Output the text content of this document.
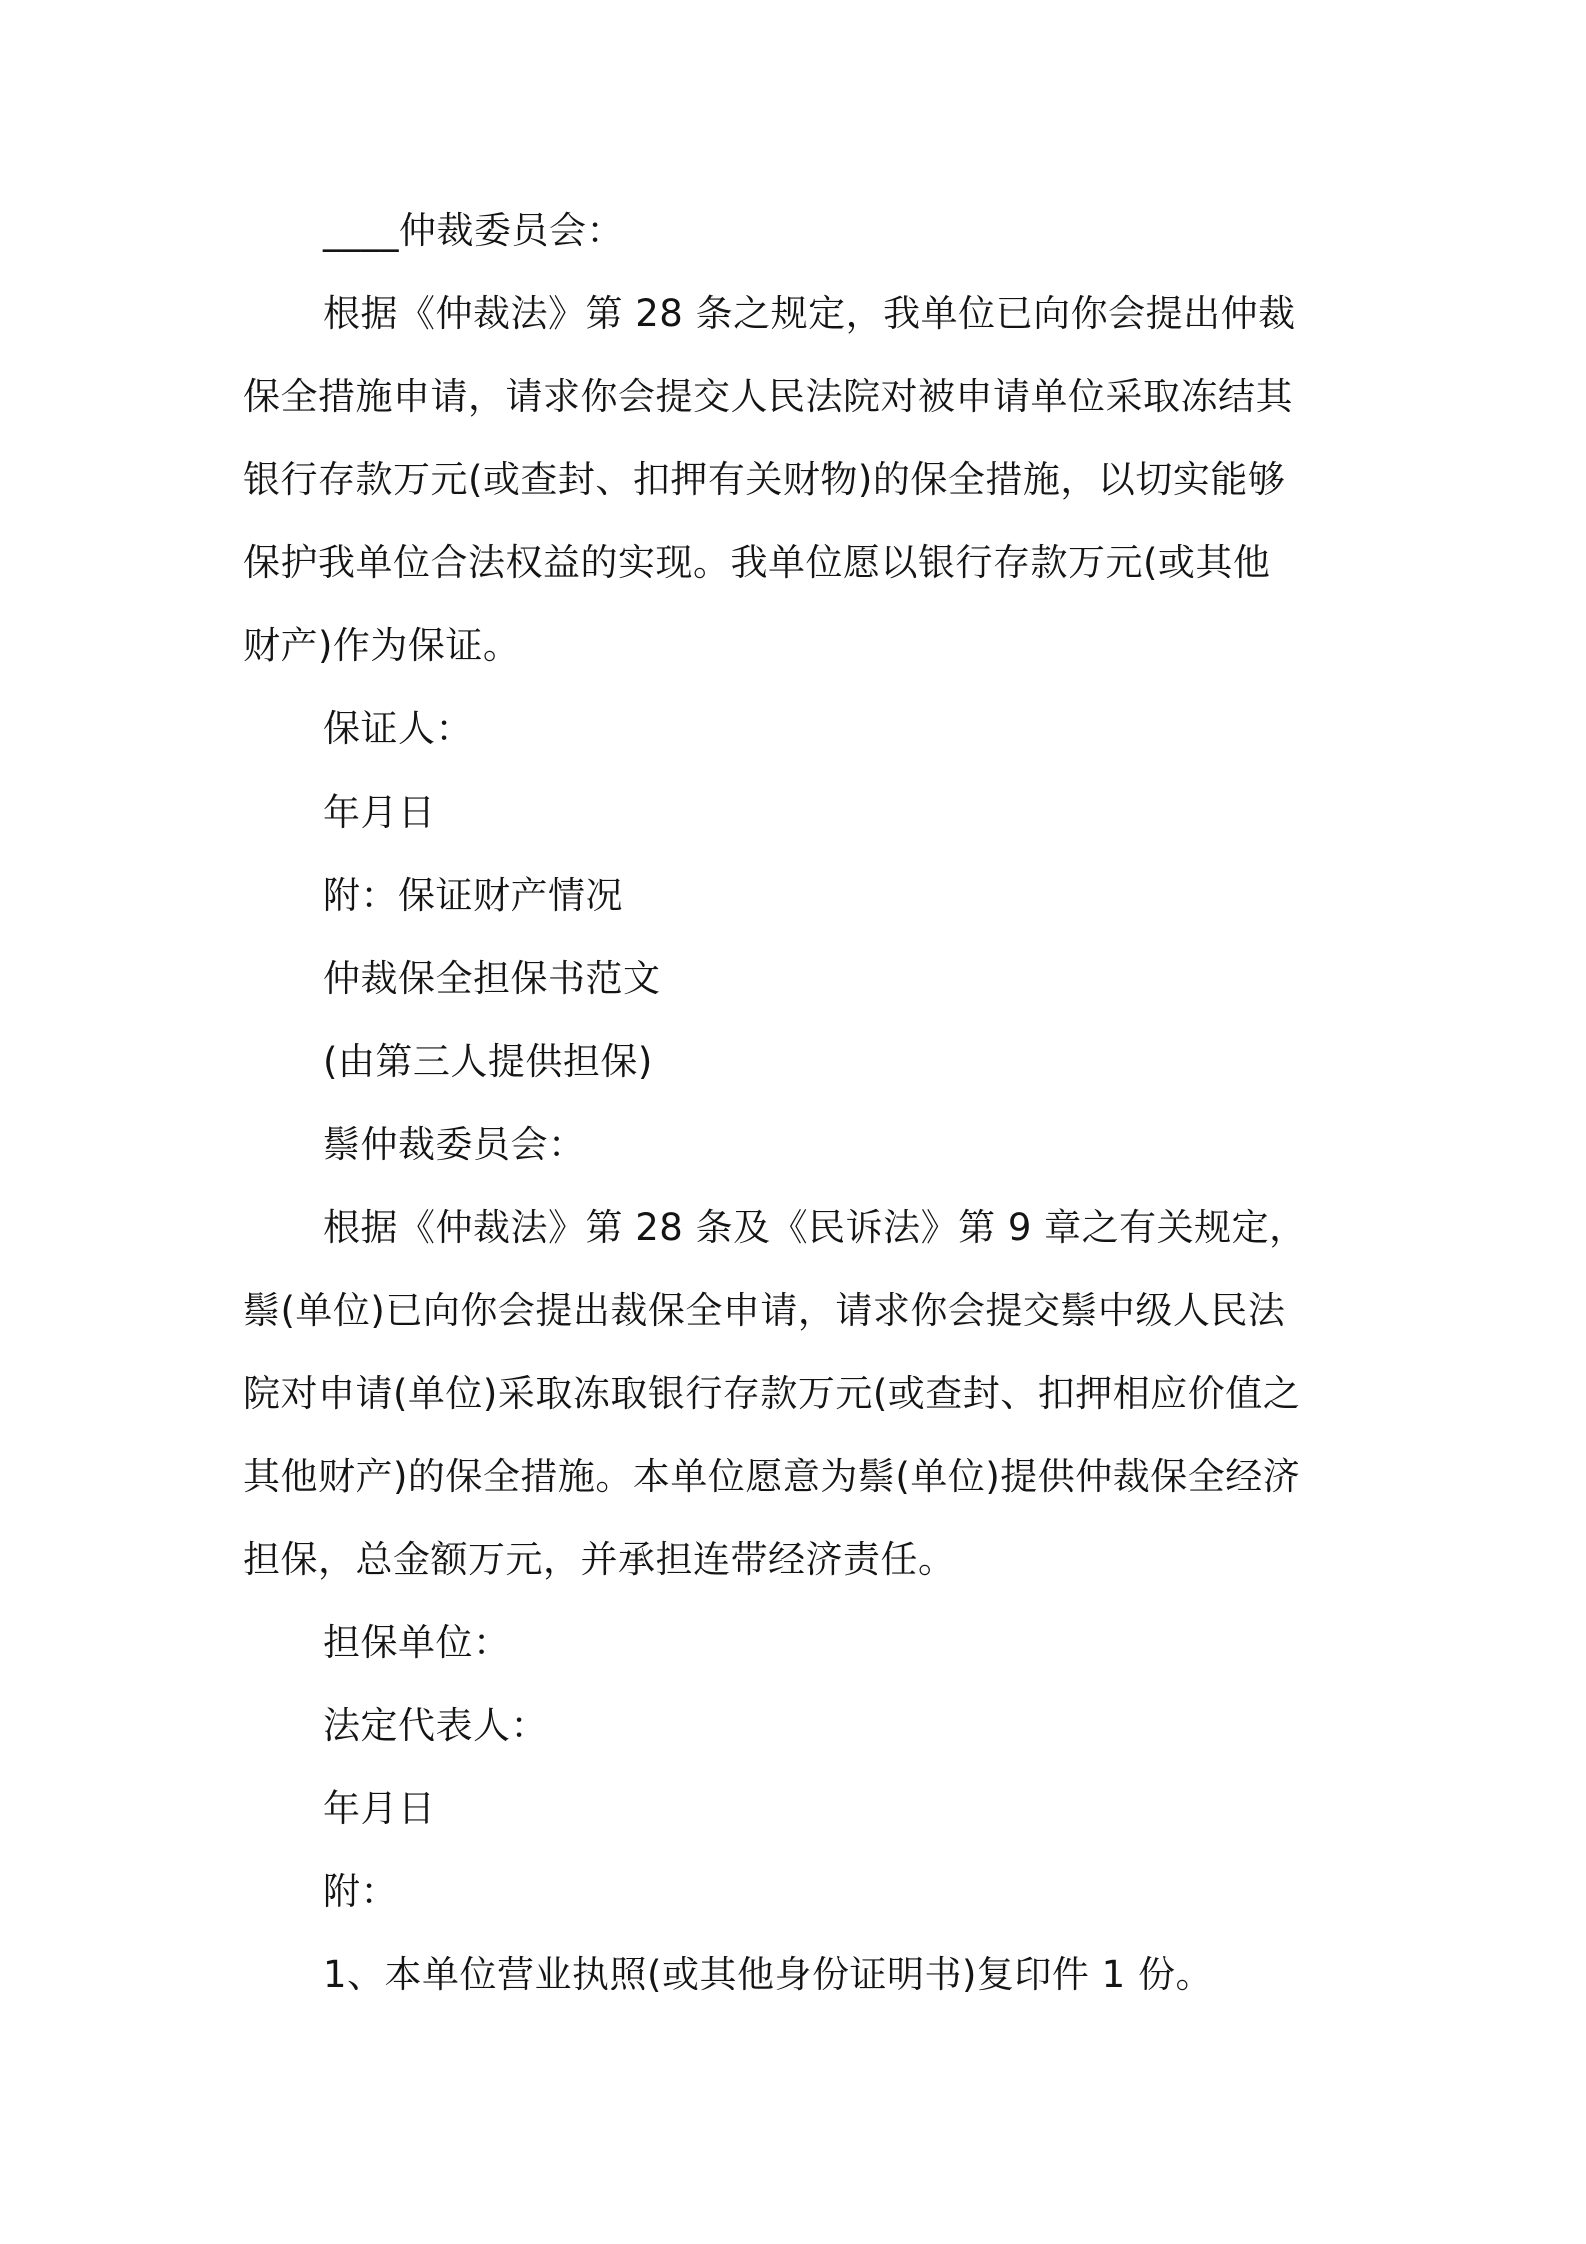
____仲裁委员会：
根据《仲裁法》第 28 条之规定，我单位已向你会提出仲裁
保全措施申请，请求你会提交人民法院对被申请单位采取冻结其
银行存款万元(或查封、扣押有关财物)的保全措施，以切实能够
保护我单位合法权益的实现。我单位愿以银行存款万元(或其他
财产)作为保证。
保证人：
年月日
附：保证财产情况
仲裁保全担保书范文
(由第三人提供担保)
鬃仲裁委员会：
根据《仲裁法》第 28 条及《民诉法》第 9 章之有关规定，
鬃(单位)已向你会提出裁保全申请，请求你会提交鬃中级人民法
院对申请(单位)采取冻取银行存款万元(或查封、扣押相应价值之
其他财产)的保全措施。本单位愿意为鬃(单位)提供仲裁保全经济
担保，总金额万元，并承担连带经济责任。
担保单位：
法定代表人：
年月日
附：
1、本单位营业执照(或其他身份证明书)复印件 1 份。
